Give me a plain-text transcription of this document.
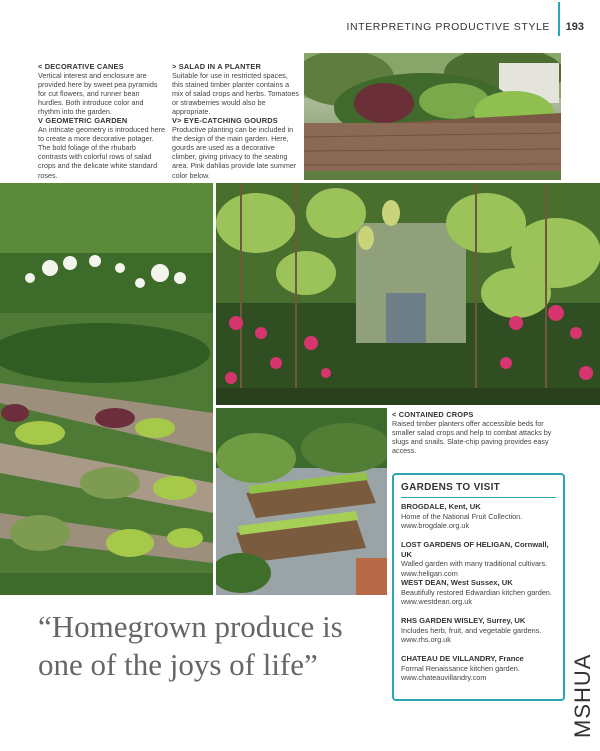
INTERPRETING PRODUCTIVE STYLE 193
< DECORATIVE CANES
Vertical interest and enclosure are provided here by sweet pea pyramids for cut flowers, and runner bean hurdles. Both introduce color and rhythm into the garden.
V GEOMETRIC GARDEN
An intricate geometry is introduced here to create a more decorative potager. The bold foliage of the rhubarb contrasts with colorful rows of salad crops and the delicate white standard roses.
> SALAD IN A PLANTER
Suitable for use in restricted spaces, this stained timber planter contains a mix of salad crops and herbs. Tomatoes or strawberries would also be appropriate.
V> EYE-CATCHING GOURDS
Productive planting can be included in the design of the main garden. Here, gourds are used as a decorative climber, giving privacy to the seating area. Pink dahlias provide late summer color below.
< CONTAINED CROPS
Raised timber planters offer accessible beds for smaller salad crops and help to combat attacks by slugs and snails. Slate-chip paving provides easy access.
GARDENS TO VISIT
BROGDALE, Kent, UK
Home of the National Fruit Collection.
www.brogdale.org.uk
LOST GARDENS OF HELIGAN, Cornwall, UK
Walled garden with many traditional cultivars.
www.heligan.com
WEST DEAN, West Sussex, UK
Beautifully restored Edwardian kitchen garden.
www.westdean.org.uk
RHS GARDEN WISLEY, Surrey, UK
Includes herb, fruit, and vegetable gardens.
www.rhs.org.uk
CHATEAU DE VILLANDRY, France
Formal Renaissance kitchen garden.
www.chateauvillandry.com
“Homegrown produce is
one of the joys of life”	MSHUA
